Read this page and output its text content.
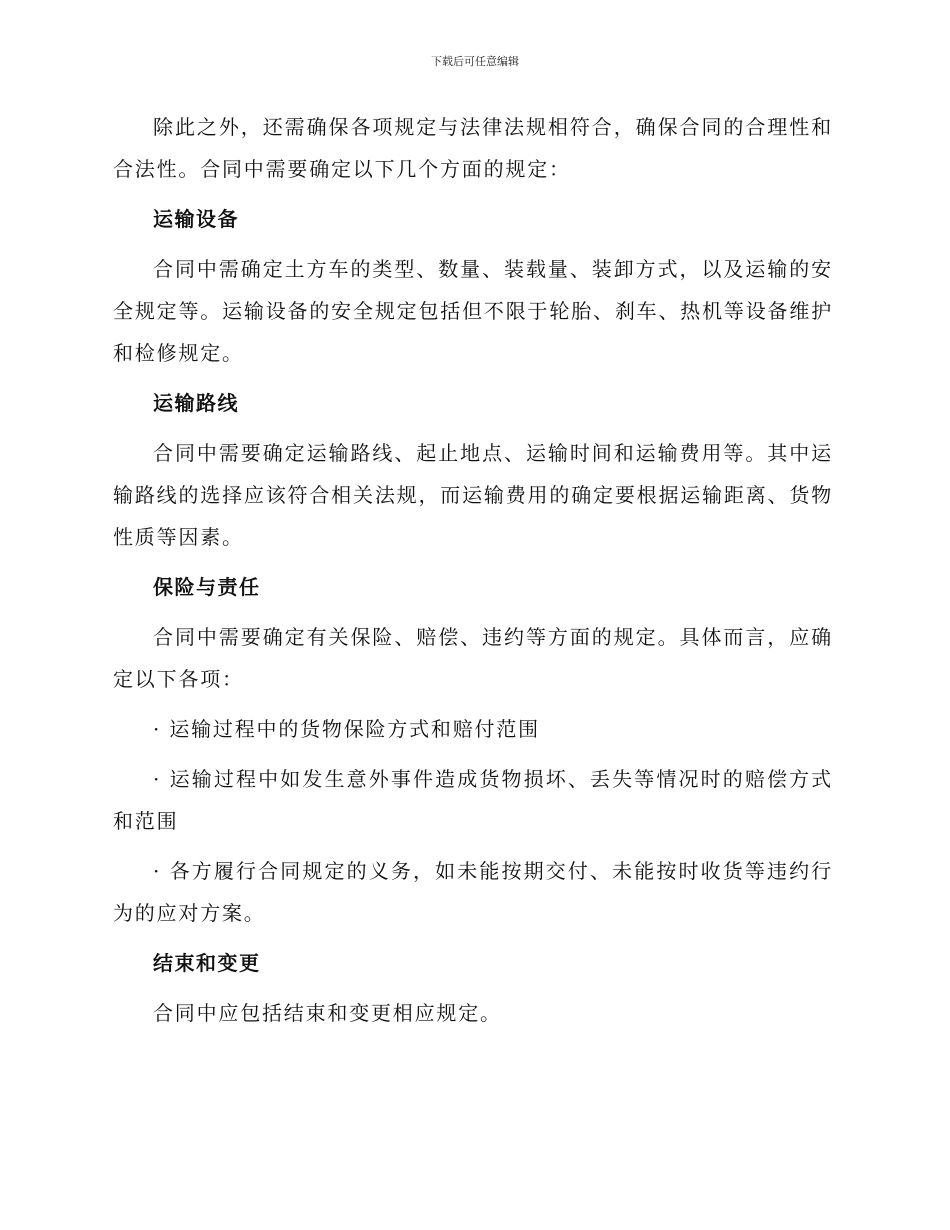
下载后可任意编辑

除此之外，还需确保各项规定与法律法规相符合，确保合同的合理性和合法性。合同中需要确定以下几个方面的规定：

运输设备

合同中需确定土方车的类型、数量、装载量、装卸方式，以及运输的安全规定等。运输设备的安全规定包括但不限于轮胎、刹车、热机等设备维护和检修规定。

运输路线

合同中需要确定运输路线、起止地点、运输时间和运输费用等。其中运输路线的选择应该符合相关法规，而运输费用的确定要根据运输距离、货物性质等因素。

保险与责任

合同中需要确定有关保险、赔偿、违约等方面的规定。具体而言，应确定以下各项：

· 运输过程中的货物保险方式和赔付范围

· 运输过程中如发生意外事件造成货物损坏、丢失等情况时的赔偿方式和范围

· 各方履行合同规定的义务，如未能按期交付、未能按时收货等违约行为的应对方案。

结束和变更

合同中应包括结束和变更相应规定。
